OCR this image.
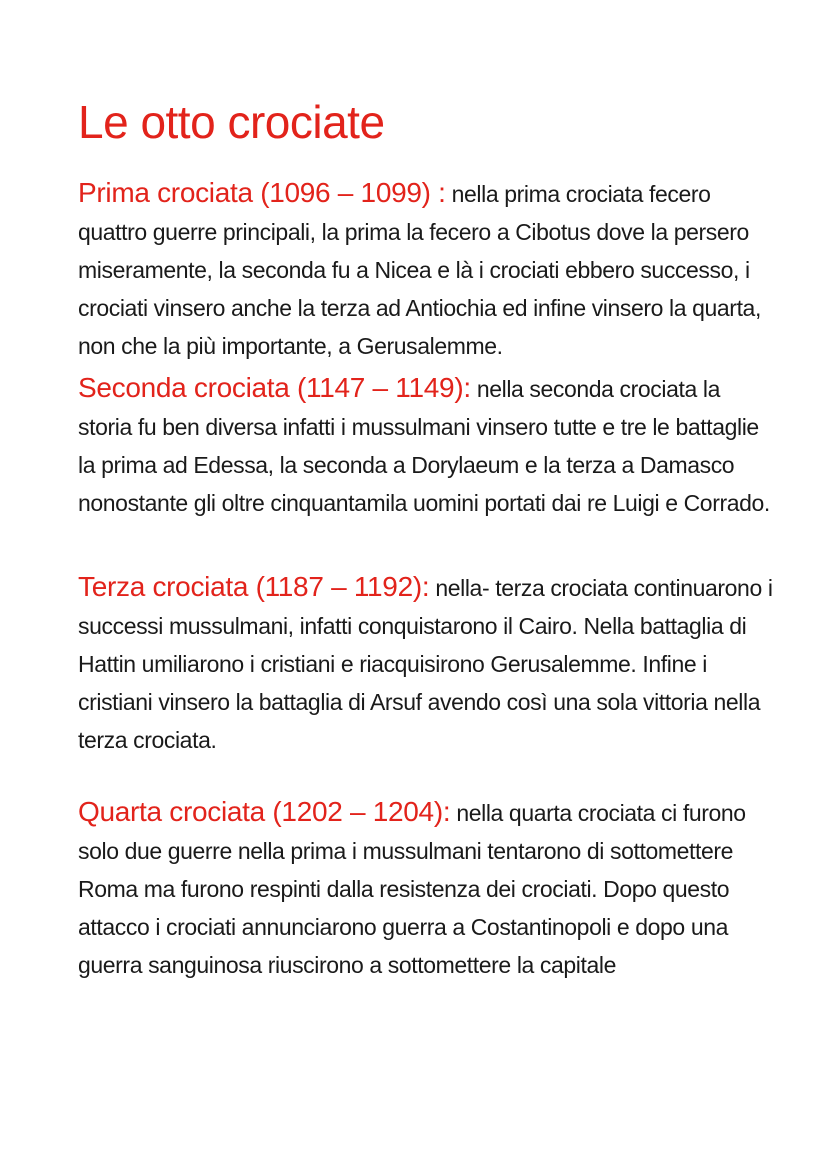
Le otto crociate

Prima crociata (1096 – 1099) : nella prima crociata fecero quattro guerre principali, la prima la fecero a Cibotus dove la persero miseramente, la seconda fu a Nicea e là i crociati ebbero successo, i crociati vinsero anche la terza ad Antiochia ed infine vinsero la quarta, non che la più importante, a Gerusalemme.

Seconda crociata (1147 – 1149): nella seconda crociata la storia fu ben diversa infatti i mussulmani vinsero tutte e tre le battaglie la prima ad Edessa, la seconda a Dorylaeum e la terza a Damasco nonostante gli oltre cinquantamila uomini portati dai re Luigi e Corrado.

Terza crociata (1187 – 1192): nella- terza crociata continuarono i successi mussulmani, infatti conquistarono il Cairo. Nella battaglia di Hattin umiliarono i cristiani e riacquisirono Gerusalemme. Infine i cristiani vinsero la battaglia di Arsuf avendo così una sola vittoria nella terza crociata.

Quarta crociata (1202 – 1204): nella quarta crociata ci furono solo due guerre nella prima i mussulmani tentarono di sottomettere Roma ma furono respinti dalla resistenza dei crociati. Dopo questo attacco i crociati annunciarono guerra a Costantinopoli e dopo una guerra sanguinosa riuscirono a sottomettere la capitale
